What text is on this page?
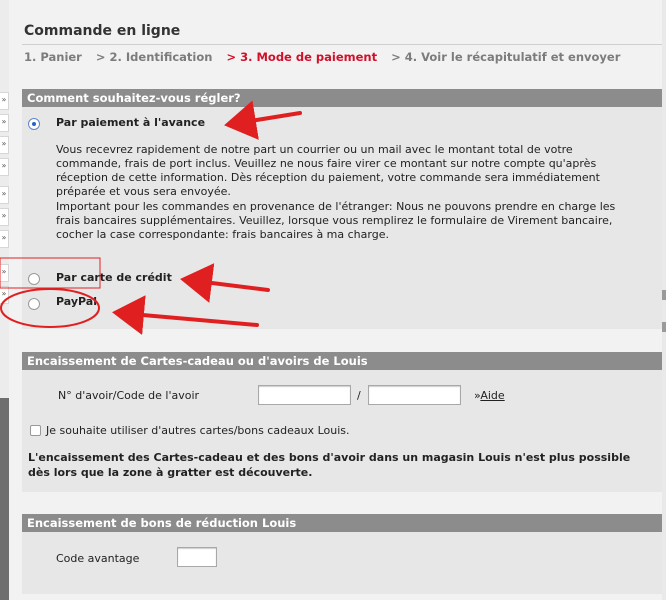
»
»
»
»
»
»
»
»
»
Commande en ligne
1. Panier > 2. Identification > 3. Mode de paiement > 4. Voir le récapitulatif et envoyer
Comment souhaitez-vous régler?
Par paiement à l'avance

Vous recevrez rapidement de notre part un courrier ou un mail avec le montant total de votre commande, frais de port inclus. Veuillez ne nous faire virer ce montant sur notre compte qu'après réception de cette information. Dès réception du paiement, votre commande sera immédiatement préparée et vous sera envoyée.

Important pour les commandes en provenance de l'étranger: Nous ne pouvons prendre en charge les frais bancaires supplémentaires. Veuillez, lorsque vous remplirez le formulaire de Virement bancaire, cocher la case correspondante: frais bancaires à ma charge.

Par carte de crédit
PayPal
Encaissement de Cartes-cadeau ou d'avoirs de Louis
N° d'avoir/Code de l'avoir	/	»Aide
Je souhaite utiliser d'autres cartes/bons cadeaux Louis.
L'encaissement des Cartes-cadeau et des bons d'avoir dans un magasin Louis n'est plus possible dès lors que la zone à gratter est découverte.
Encaissement de bons de réduction Louis
Code avantage
